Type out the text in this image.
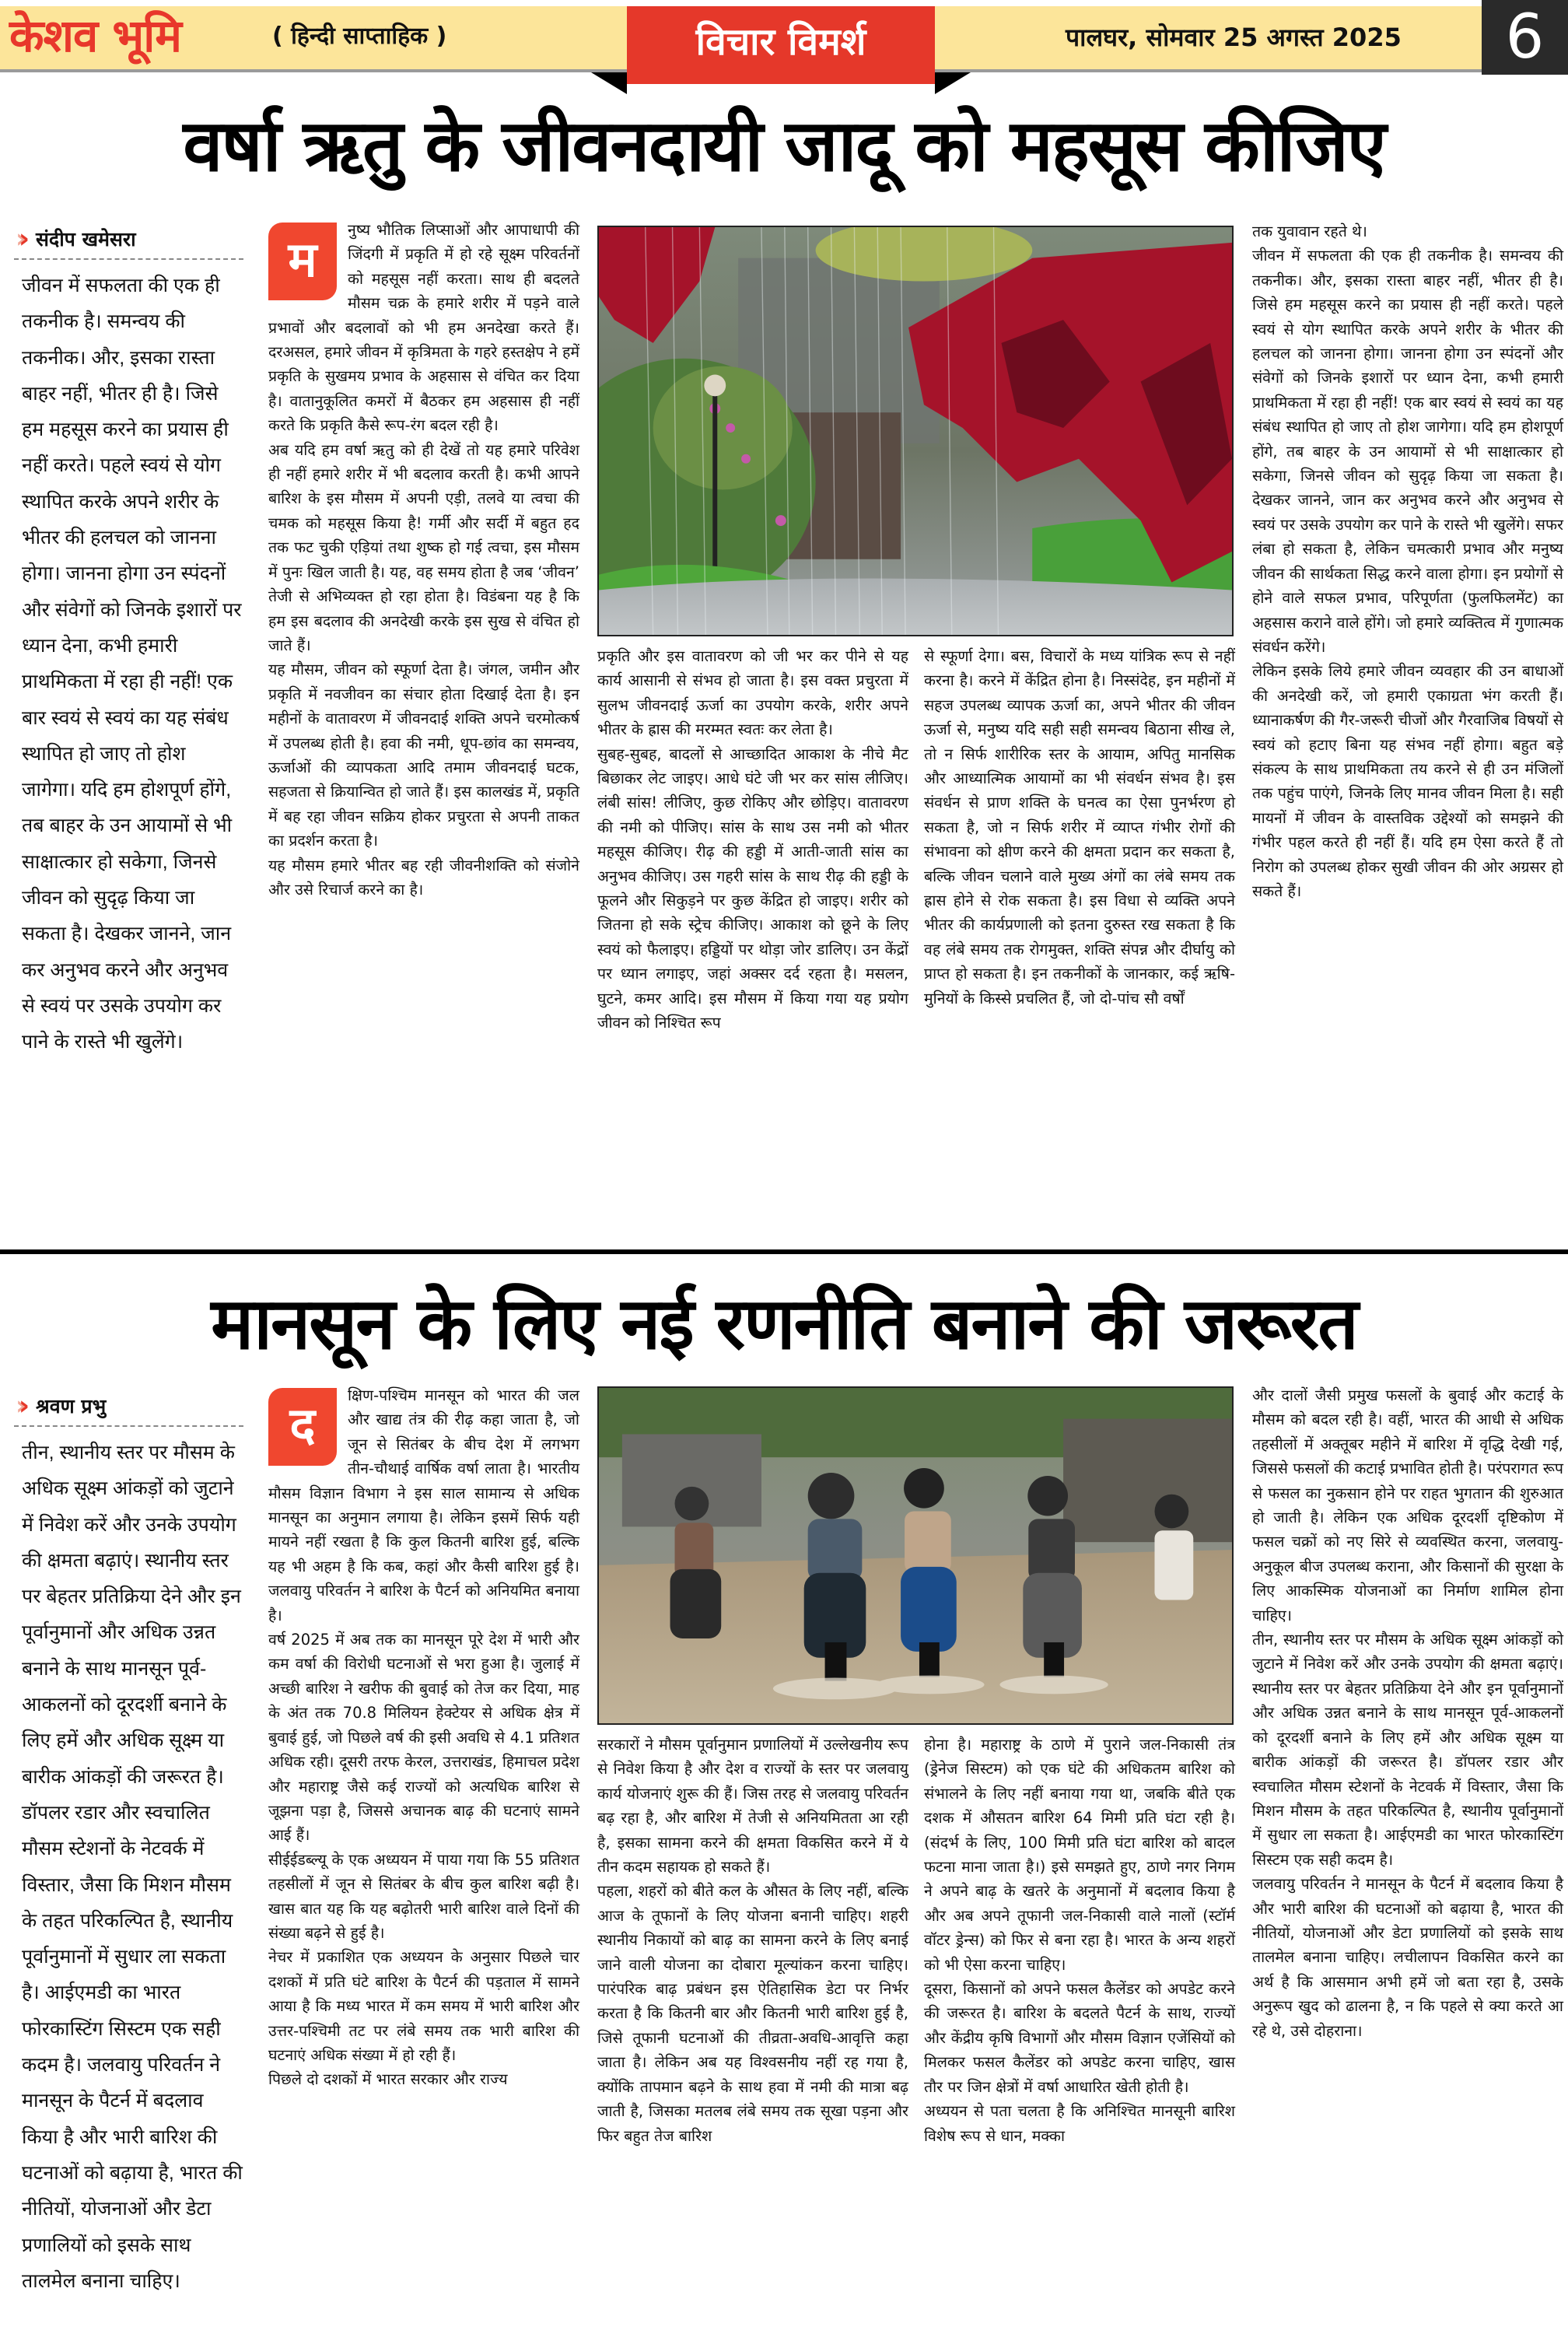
केशव भूमि	( हिन्दी साप्ताहिक )	विचार विमर्श	पालघर, सोमवार 25 अगस्त 2025	6
वर्षा ऋतु के जीवनदायी जादू को महसूस कीजिए
›› संदीप खमेसरा
जीवन में सफलता की एक ही तकनीक है। समन्वय की तकनीक। और, इसका रास्ता बाहर नहीं, भीतर ही है। जिसे हम महसूस करने का प्रयास ही नहीं करते। पहले स्वयं से योग स्थापित करके अपने शरीर के भीतर की हलचल को जानना होगा। जानना होगा उन स्पंदनों और संवेगों को जिनके इशारों पर ध्यान देना, कभी हमारी प्राथमिकता में रहा ही नहीं! एक बार स्वयं से स्वयं का यह संबंध स्थापित हो जाए तो होश जागेगा। यदि हम होशपूर्ण होंगे, तब बाहर के उन आयामों से भी साक्षात्कार हो सकेगा, जिनसे जीवन को सुदृढ़ किया जा सकता है। देखकर जानने, जान कर अनुभव करने और अनुभव से स्वयं पर उसके उपयोग कर पाने के रास्ते भी खुलेंगे।
म

नुष्य भौतिक लिप्साओं और आपाधापी की जिंदगी में प्रकृति में हो रहे सूक्ष्म परिवर्तनों को महसूस नहीं करता। साथ ही बदलते मौसम चक्र के हमारे शरीर में पड़ने वाले प्रभावों और बदलावों को भी हम अनदेखा करते हैं। दरअसल, हमारे जीवन में कृत्रिमता के गहरे हस्तक्षेप ने हमें प्रकृति के सुखमय प्रभाव के अहसास से वंचित कर दिया है। वातानुकूलित कमरों में बैठकर हम अहसास ही नहीं करते कि प्रकृति कैसे रूप-रंग बदल रही है।

अब यदि हम वर्षा ऋतु को ही देखें तो यह हमारे परिवेश ही नहीं हमारे शरीर में भी बदलाव करती है। कभी आपने बारिश के इस मौसम में अपनी एड़ी, तलवे या त्वचा की चमक को महसूस किया है! गर्मी और सर्दी में बहुत हद तक फट चुकी एड़ियां तथा शुष्क हो गई त्वचा, इस मौसम में पुनः खिल जाती है। यह, वह समय होता है जब ‘जीवन’ तेजी से अभिव्यक्त हो रहा होता है। विडंबना यह है कि हम इस बदलाव की अनदेखी करके इस सुख से वंचित हो जाते हैं।

यह मौसम, जीवन को स्फूर्णा देता है। जंगल, जमीन और प्रकृति में नवजीवन का संचार होता दिखाई देता है। इन महीनों के वातावरण में जीवनदाई शक्ति अपने चरमोत्कर्ष में उपलब्ध होती है। हवा की नमी, धूप-छांव का समन्वय, ऊर्जाओं की व्यापकता आदि तमाम जीवनदाई घटक, सहजता से क्रियान्वित हो जाते हैं। इस कालखंड में, प्रकृति में बह रहा जीवन सक्रिय होकर प्रचुरता से अपनी ताकत का प्रदर्शन करता है।

यह मौसम हमारे भीतर बह रही जीवनीशक्ति को संजोने और उसे रिचार्ज करने का है।

प्रकृति और इस वातावरण को जी भर कर पीने से यह कार्य आसानी से संभव हो जाता है। इस वक्त प्रचुरता में सुलभ जीवनदाई ऊर्जा का उपयोग करके, शरीर अपने भीतर के ह्रास की मरम्मत स्वतः कर लेता है।

सुबह-सुबह, बादलों से आच्छादित आकाश के नीचे मैट बिछाकर लेट जाइए। आधे घंटे जी भर कर सांस लीजिए। लंबी सांस! लीजिए, कुछ रोकिए और छोड़िए। वातावरण की नमी को पीजिए। सांस के साथ उस नमी को भीतर महसूस कीजिए। रीढ़ की हड्डी में आती-जाती सांस का अनुभव कीजिए। उस गहरी सांस के साथ रीढ़ की हड्डी के फूलने और सिकुड़ने पर कुछ केंद्रित हो जाइए। शरीर को जितना हो सके स्ट्रेच कीजिए। आकाश को छूने के लिए स्वयं को फैलाइए। हड्डियों पर थोड़ा जोर डालिए। उन केंद्रों पर ध्यान लगाइए, जहां अक्सर दर्द रहता है। मसलन, घुटने, कमर आदि। इस मौसम में किया गया यह प्रयोग जीवन को निश्चित रूप

से स्फूर्णा देगा। बस, विचारों के मध्य यांत्रिक रूप से नहीं करना है। करने में केंद्रित होना है। निस्संदेह, इन महीनों में सहज उपलब्ध व्यापक ऊर्जा का, अपने भीतर की जीवन ऊर्जा से, मनुष्य यदि सही सही समन्वय बिठाना सीख ले, तो न सिर्फ शारीरिक स्तर के आयाम, अपितु मानसिक और आध्यात्मिक आयामों का भी संवर्धन संभव है। इस संवर्धन से प्राण शक्ति के घनत्व का ऐसा पुनर्भरण हो सकता है, जो न सिर्फ शरीर में व्याप्त गंभीर रोगों की संभावना को क्षीण करने की क्षमता प्रदान कर सकता है, बल्कि जीवन चलाने वाले मुख्य अंगों का लंबे समय तक ह्रास होने से रोक सकता है। इस विधा से व्यक्ति अपने भीतर की कार्यप्रणाली को इतना दुरुस्त रख सकता है कि वह लंबे समय तक रोगमुक्त, शक्ति संपन्न और दीर्घायु को प्राप्त हो सकता है। इन तकनीकों के जानकार, कई ऋषि-मुनियों के किस्से प्रचलित हैं, जो दो-पांच सौ वर्षों

तक युवावान रहते थे।

जीवन में सफलता की एक ही तकनीक है। समन्वय की तकनीक। और, इसका रास्ता बाहर नहीं, भीतर ही है। जिसे हम महसूस करने का प्रयास ही नहीं करते। पहले स्वयं से योग स्थापित करके अपने शरीर के भीतर की हलचल को जानना होगा। जानना होगा उन स्पंदनों और संवेगों को जिनके इशारों पर ध्यान देना, कभी हमारी प्राथमिकता में रहा ही नहीं! एक बार स्वयं से स्वयं का यह संबंध स्थापित हो जाए तो होश जागेगा। यदि हम होशपूर्ण होंगे, तब बाहर के उन आयामों से भी साक्षात्कार हो सकेगा, जिनसे जीवन को सुदृढ़ किया जा सकता है। देखकर जानने, जान कर अनुभव करने और अनुभव से स्वयं पर उसके उपयोग कर पाने के रास्ते भी खुलेंगे। सफर लंबा हो सकता है, लेकिन चमत्कारी प्रभाव और मनुष्य जीवन की सार्थकता सिद्ध करने वाला होगा। इन प्रयोगों से होने वाले सफल प्रभाव, परिपूर्णता (फुलफिलमेंट) का अहसास कराने वाले होंगे। जो हमारे व्यक्तित्व में गुणात्मक संवर्धन करेंगे।

लेकिन इसके लिये हमारे जीवन व्यवहार की उन बाधाओं की अनदेखी करें, जो हमारी एकाग्रता भंग करती हैं। ध्यानाकर्षण की गैर-जरूरी चीजों और गैरवाजिब विषयों से स्वयं को हटाए बिना यह संभव नहीं होगा। बहुत बड़े संकल्प के साथ प्राथमिकता तय करने से ही उन मंजिलों तक पहुंच पाएंगे, जिनके लिए मानव जीवन मिला है। सही मायनों में जीवन के वास्तविक उद्देश्यों को समझने की गंभीर पहल करते ही नहीं हैं। यदि हम ऐसा करते हैं तो निरोग को उपलब्ध होकर सुखी जीवन की ओर अग्रसर हो सकते हैं।

मानसून के लिए नई रणनीति बनाने की जरूरत
›› श्रवण प्रभु
तीन, स्थानीय स्तर पर मौसम के अधिक सूक्ष्म आंकड़ों को जुटाने में निवेश करें और उनके उपयोग की क्षमता बढ़ाएं। स्थानीय स्तर पर बेहतर प्रतिक्रिया देने और इन पूर्वानुमानों और अधिक उन्नत बनाने के साथ मानसून पूर्व-आकलनों को दूरदर्शी बनाने के लिए हमें और अधिक सूक्ष्म या बारीक आंकड़ों की जरूरत है। डॉपलर रडार और स्वचालित मौसम स्टेशनों के नेटवर्क में विस्तार, जैसा कि मिशन मौसम के तहत परिकल्पित है, स्थानीय पूर्वानुमानों में सुधार ला सकता है। आईएमडी का भारत फोरकास्टिंग सिस्टम एक सही कदम है। जलवायु परिवर्तन ने मानसून के पैटर्न में बदलाव किया है और भारी बारिश की घटनाओं को बढ़ाया है, भारत की नीतियों, योजनाओं और डेटा प्रणालियों को इसके साथ तालमेल बनाना चाहिए।
द

क्षिण-पश्चिम मानसून को भारत की जल और खाद्य तंत्र की रीढ़ कहा जाता है, जो जून से सितंबर के बीच देश में लगभग तीन-चौथाई वार्षिक वर्षा लाता है। भारतीय मौसम विज्ञान विभाग ने इस साल सामान्य से अधिक मानसून का अनुमान लगाया है। लेकिन इसमें सिर्फ यही मायने नहीं रखता है कि कुल कितनी बारिश हुई, बल्कि यह भी अहम है कि कब, कहां और कैसी बारिश हुई है। जलवायु परिवर्तन ने बारिश के पैटर्न को अनियमित बनाया है।

वर्ष 2025 में अब तक का मानसून पूरे देश में भारी और कम वर्षा की विरोधी घटनाओं से भरा हुआ है। जुलाई में अच्छी बारिश ने खरीफ की बुवाई को तेज कर दिया, माह के अंत तक 70.8 मिलियन हेक्टेयर से अधिक क्षेत्र में बुवाई हुई, जो पिछले वर्ष की इसी अवधि से 4.1 प्रतिशत अधिक रही। दूसरी तरफ केरल, उत्तराखंड, हिमाचल प्रदेश और महाराष्ट्र जैसे कई राज्यों को अत्यधिक बारिश से जूझना पड़ा है, जिससे अचानक बाढ़ की घटनाएं सामने आई हैं।

सीईईडब्ल्यू के एक अध्ययन में पाया गया कि 55 प्रतिशत तहसीलों में जून से सितंबर के बीच कुल बारिश बढ़ी है। खास बात यह कि यह बढ़ोतरी भारी बारिश वाले दिनों की संख्या बढ़ने से हुई है।

नेचर में प्रकाशित एक अध्ययन के अनुसार पिछले चार दशकों में प्रति घंटे बारिश के पैटर्न की पड़ताल में सामने आया है कि मध्य भारत में कम समय में भारी बारिश और उत्तर-पश्चिमी तट पर लंबे समय तक भारी बारिश की घटनाएं अधिक संख्या में हो रही हैं।

पिछले दो दशकों में भारत सरकार और राज्य

सरकारों ने मौसम पूर्वानुमान प्रणालियों में उल्लेखनीय रूप से निवेश किया है और देश व राज्यों के स्तर पर जलवायु कार्य योजनाएं शुरू की हैं। जिस तरह से जलवायु परिवर्तन बढ़ रहा है, और बारिश में तेजी से अनियमितता आ रही है, इसका सामना करने की क्षमता विकसित करने में ये तीन कदम सहायक हो सकते हैं।

पहला, शहरों को बीते कल के औसत के लिए नहीं, बल्कि आज के तूफानों के लिए योजना बनानी चाहिए। शहरी स्थानीय निकायों को बाढ़ का सामना करने के लिए बनाई जाने वाली योजना का दोबारा मूल्यांकन करना चाहिए। पारंपरिक बाढ़ प्रबंधन इस ऐतिहासिक डेटा पर निर्भर करता है कि कितनी बार और कितनी भारी बारिश हुई है, जिसे तूफानी घटनाओं की तीव्रता-अवधि-आवृत्ति कहा जाता है। लेकिन अब यह विश्वसनीय नहीं रह गया है, क्योंकि तापमान बढ़ने के साथ हवा में नमी की मात्रा बढ़ जाती है, जिसका मतलब लंबे समय तक सूखा पड़ना और फिर बहुत तेज बारिश

होना है। महाराष्ट्र के ठाणे में पुराने जल-निकासी तंत्र (ड्रेनेज सिस्टम) को एक घंटे की अधिकतम बारिश को संभालने के लिए नहीं बनाया गया था, जबकि बीते एक दशक में औसतन बारिश 64 मिमी प्रति घंटा रही है। (संदर्भ के लिए, 100 मिमी प्रति घंटा बारिश को बादल फटना माना जाता है।) इसे समझते हुए, ठाणे नगर निगम ने अपने बाढ़ के खतरे के अनुमानों में बदलाव किया है और अब अपने तूफानी जल-निकासी वाले नालों (स्टॉर्म वॉटर ड्रेन्स) को फिर से बना रहा है। भारत के अन्य शहरों को भी ऐसा करना चाहिए।

दूसरा, किसानों को अपने फसल कैलेंडर को अपडेट करने की जरूरत है। बारिश के बदलते पैटर्न के साथ, राज्यों और केंद्रीय कृषि विभागों और मौसम विज्ञान एजेंसियों को मिलकर फसल कैलेंडर को अपडेट करना चाहिए, खास तौर पर जिन क्षेत्रों में वर्षा आधारित खेती होती है।

अध्ययन से पता चलता है कि अनिश्चित मानसूनी बारिश विशेष रूप से धान, मक्का

और दालों जैसी प्रमुख फसलों के बुवाई और कटाई के मौसम को बदल रही है। वहीं, भारत की आधी से अधिक तहसीलों में अक्तूबर महीने में बारिश में वृद्धि देखी गई, जिससे फसलों की कटाई प्रभावित होती है। परंपरागत रूप से फसल का नुकसान होने पर राहत भुगतान की शुरुआत हो जाती है। लेकिन एक अधिक दूरदर्शी दृष्टिकोण में फसल चक्रों को नए सिरे से व्यवस्थित करना, जलवायु-अनुकूल बीज उपलब्ध कराना, और किसानों की सुरक्षा के लिए आकस्मिक योजनाओं का निर्माण शामिल होना चाहिए।

तीन, स्थानीय स्तर पर मौसम के अधिक सूक्ष्म आंकड़ों को जुटाने में निवेश करें और उनके उपयोग की क्षमता बढ़ाएं। स्थानीय स्तर पर बेहतर प्रतिक्रिया देने और इन पूर्वानुमानों और अधिक उन्नत बनाने के साथ मानसून पूर्व-आकलनों को दूरदर्शी बनाने के लिए हमें और अधिक सूक्ष्म या बारीक आंकड़ों की जरूरत है। डॉपलर रडार और स्वचालित मौसम स्टेशनों के नेटवर्क में विस्तार, जैसा कि मिशन मौसम के तहत परिकल्पित है, स्थानीय पूर्वानुमानों में सुधार ला सकता है। आईएमडी का भारत फोरकास्टिंग सिस्टम एक सही कदम है।

जलवायु परिवर्तन ने मानसून के पैटर्न में बदलाव किया है और भारी बारिश की घटनाओं को बढ़ाया है, भारत की नीतियों, योजनाओं और डेटा प्रणालियों को इसके साथ तालमेल बनाना चाहिए। लचीलापन विकसित करने का अर्थ है कि आसमान अभी हमें जो बता रहा है, उसके अनुरूप खुद को ढालना है, न कि पहले से क्या करते आ रहे थे, उसे दोहराना।
